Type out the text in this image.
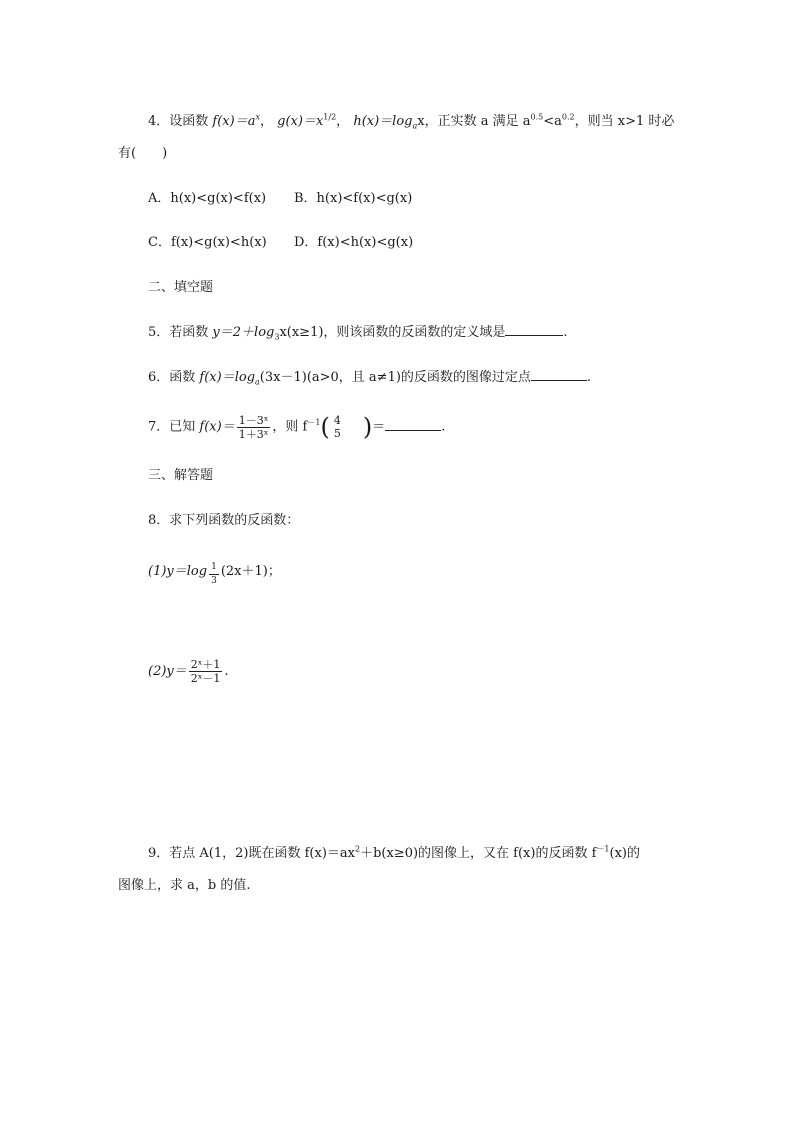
4．设函数 $f(x)=a^x$， $g(x)=x^{1/2}$， $h(x)=\log_ax$，正实数 a 满足 $a^{0.5}<a^{0.2}$，则当 x>1 时必
有(　　)
A．h(x)<g(x)<f(x) B．h(x)<f(x)<g(x)
C．f(x)<g(x)<h(x) D．f(x)<h(x)<g(x)
二、填空题
5．若函数 $y=2+\log_3x(x\ge 1)$，则该函数的反函数的定义域是	.
6．函数 $f(x)=\log_a(3x-1)(a>0$，且 a≠1)的反函数的图像过定点	.
7．已知 $f(x)= \frac{\text{1－3ˣ}}{\text{1＋3ˣ}}$ ，则 $f^{-1}$( 4
5 )＝	.
三、解答题
8．求下列函数的反函数：
$(1)y=\log \frac{1}{3} (2x+1)$；
$(2)y= \frac{\text{2ˣ＋1}}{\text{2ˣ－1}}$ .
9．若点 A(1，2)既在函数 $f(x)=ax^2+b(x\ge 0)$的图像上，又在 f(x)的反函数 $f^{-1}(x)$的
图像上，求 a，b 的值.
